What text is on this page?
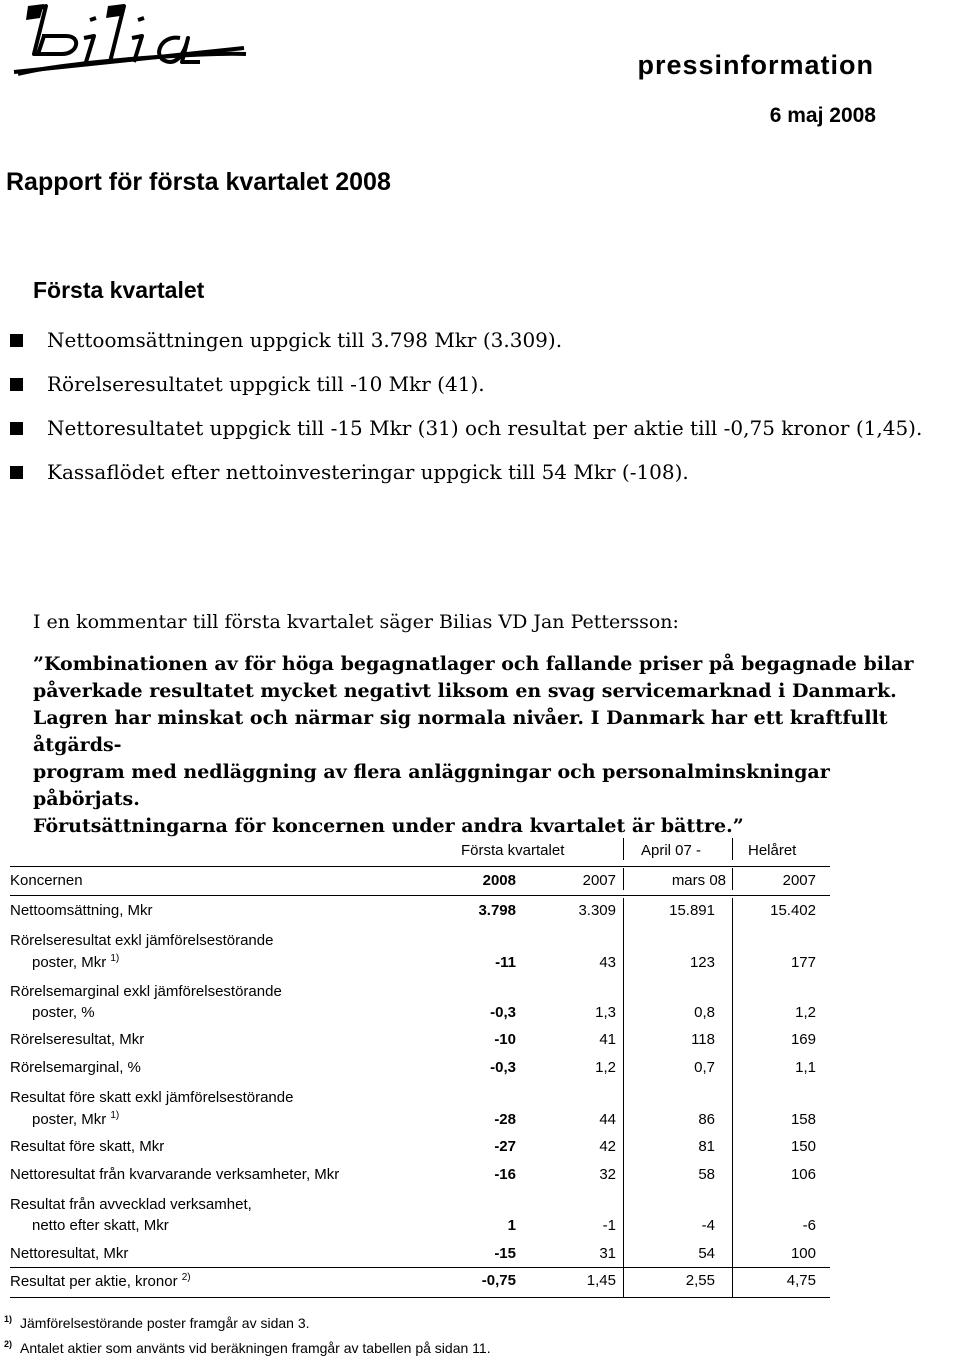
pressinformation
6 maj 2008
Rapport för första kvartalet 2008
Första kvartalet
Nettoomsättningen uppgick till 3.798 Mkr (3.309).
Rörelseresultatet uppgick till -10 Mkr (41).
Nettoresultatet uppgick till -15 Mkr (31) och resultat per aktie till -0,75 kronor (1,45).
Kassaflödet efter nettoinvesteringar uppgick till 54 Mkr (-108).
I en kommentar till första kvartalet säger Bilias VD Jan Pettersson:

”Kombinationen av för höga begagnatlager och fallande priser på begagnade bilar

påverkade resultatet mycket negativt liksom en svag servicemarknad i Danmark.

Lagren har minskat och närmar sig normala nivåer. I Danmark har ett kraftfullt åtgärds-

program med nedläggning av flera anläggningar och personalminskningar påbörjats.

Förutsättningarna för koncernen under andra kvartalet är bättre.”

Första kvartalet	April 07 -	Helåret
Koncernen	2008	2007	mars 08	2007
Nettoomsättning, Mkr	3.798	3.309	15.891	15.402
Rörelseresultat exkl jämförelsestörande
poster, Mkr $^{1)}$	-11	43	123	177
Rörelsemarginal exkl jämförelsestörande
poster, %	-0,3	1,3	0,8	1,2
Rörelseresultat, Mkr	-10	41	118	169
Rörelsemarginal, %	-0,3	1,2	0,7	1,1
Resultat före skatt exkl jämförelsestörande
poster, Mkr $^{1)}$	-28	44	86	158
Resultat före skatt, Mkr	-27	42	81	150
Nettoresultat från kvarvarande verksamheter, Mkr	-16	32	58	106
Resultat från avvecklad verksamhet,
netto efter skatt, Mkr	1	-1	-4	-6
Nettoresultat, Mkr	-15	31	54	100
Resultat per aktie, kronor $^{2)}$	-0,75	1,45	2,55	4,75
$^{1)}$ Jämförelsestörande poster framgår av sidan 3.
$^{2)}$ Antalet aktier som använts vid beräkningen framgår av tabellen på sidan 11.
